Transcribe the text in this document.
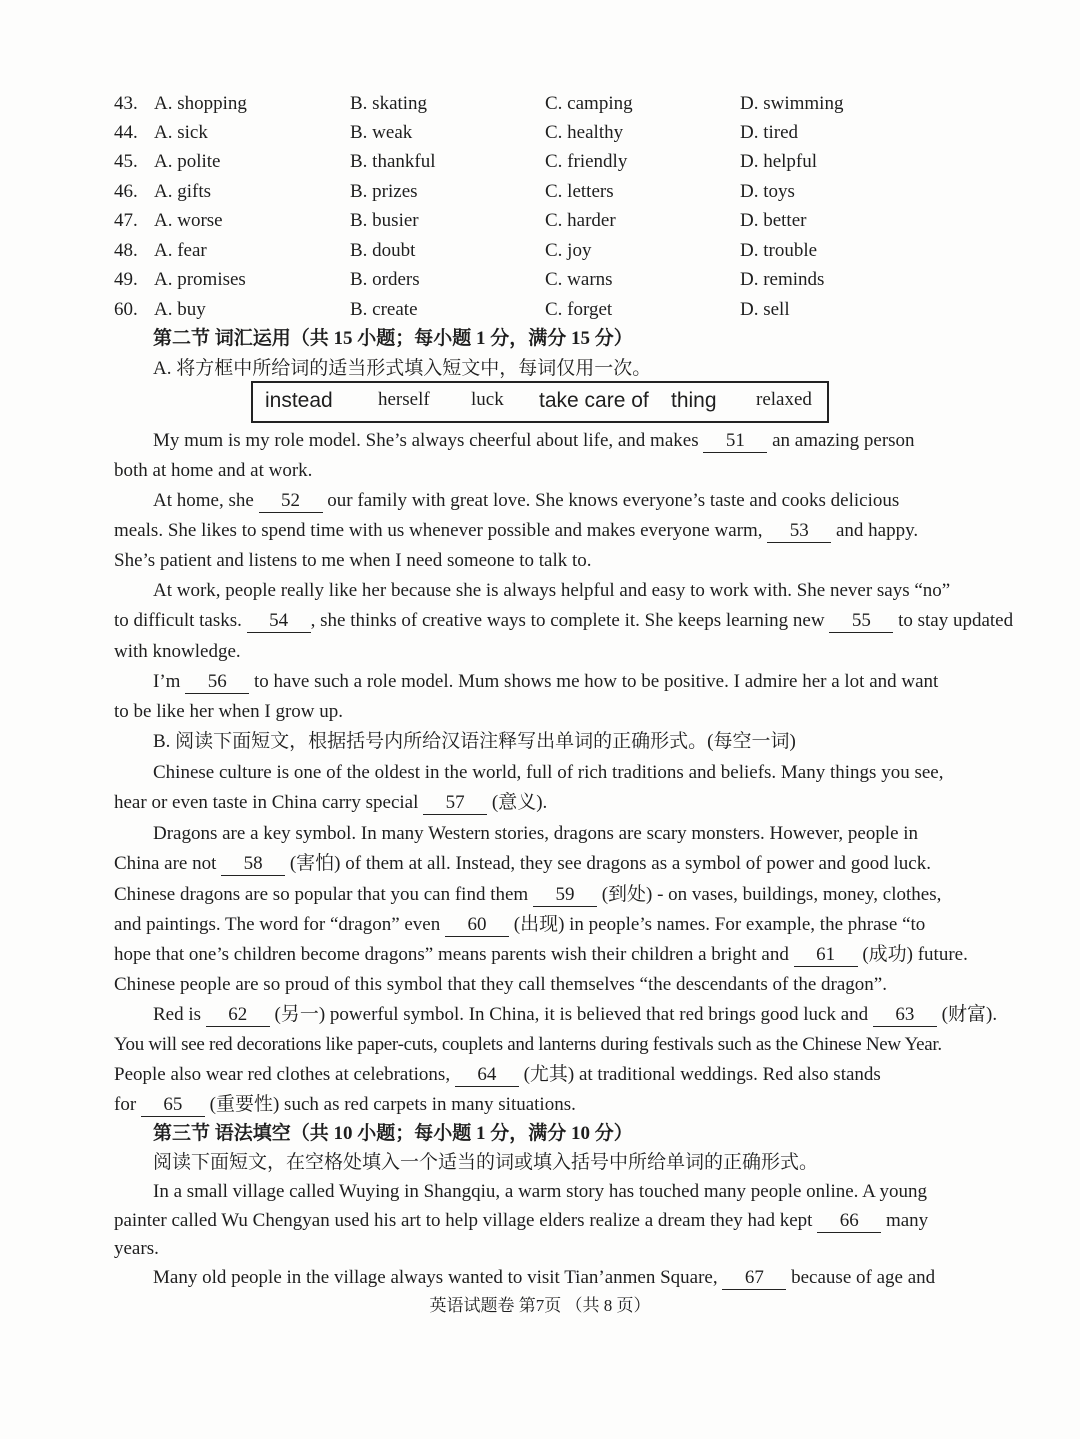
43. A. shopping	B. skating	C. camping	D. swimming
44. A. sick	B. weak	C. healthy	D. tired
45. A. polite	B. thankful	C. friendly	D. helpful
46. A. gifts	B. prizes	C. letters	D. toys
47. A. worse	B. busier	C. harder	D. better
48. A. fear	B. doubt	C. joy	D. trouble
49. A. promises	B. orders	C. warns	D. reminds
60. A. buy	B. create	C. forget	D. sell
第二节 词汇运用（共 15 小题；每小题 1 分，满分 15 分）
A. 将方框中所给词的适当形式填入短文中，每词仅用一次。
instead herself luck take care of thing relaxed
My mum is my role model. She’s always cheerful about life, and makes 51 an amazing person
both at home and at work.
At home, she 52 our family with great love. She knows everyone’s taste and cooks delicious
meals. She likes to spend time with us whenever possible and makes everyone warm, 53 and happy.
She’s patient and listens to me when I need someone to talk to.
At work, people really like her because she is always helpful and easy to work with. She never says “no”
to difficult tasks. 54 , she thinks of creative ways to complete it. She keeps learning new 55 to stay updated
with knowledge.
I’m 56 to have such a role model. Mum shows me how to be positive. I admire her a lot and want
to be like her when I grow up.
B. 阅读下面短文，根据括号内所给汉语注释写出单词的正确形式。(每空一词)
Chinese culture is one of the oldest in the world, full of rich traditions and beliefs. Many things you see,
hear or even taste in China carry special 57 (意义).
Dragons are a key symbol. In many Western stories, dragons are scary monsters. However, people in
China are not 58 (害怕) of them at all. Instead, they see dragons as a symbol of power and good luck.
Chinese dragons are so popular that you can find them 59 (到处) - on vases, buildings, money, clothes,
and paintings. The word for “dragon” even 60 (出现) in people’s names. For example, the phrase “to
hope that one’s children become dragons” means parents wish their children a bright and 61 (成功) future.
Chinese people are so proud of this symbol that they call themselves “the descendants of the dragon”.
Red is 62 (另一) powerful symbol. In China, it is believed that red brings good luck and 63 (财富).
You will see red decorations like paper-cuts, couplets and lanterns during festivals such as the Chinese New Year.
People also wear red clothes at celebrations, 64 (尤其) at traditional weddings. Red also stands
for 65 (重要性) such as red carpets in many situations.
第三节 语法填空（共 10 小题；每小题 1 分，满分 10 分）
阅读下面短文，在空格处填入一个适当的词或填入括号中所给单词的正确形式。
In a small village called Wuying in Shangqiu, a warm story has touched many people online. A young
painter called Wu Chengyan used his art to help village elders realize a dream they had kept 66 many
years.
Many old people in the village always wanted to visit Tian’anmen Square, 67 because of age and
英语试题卷 第7页 （共 8 页）
